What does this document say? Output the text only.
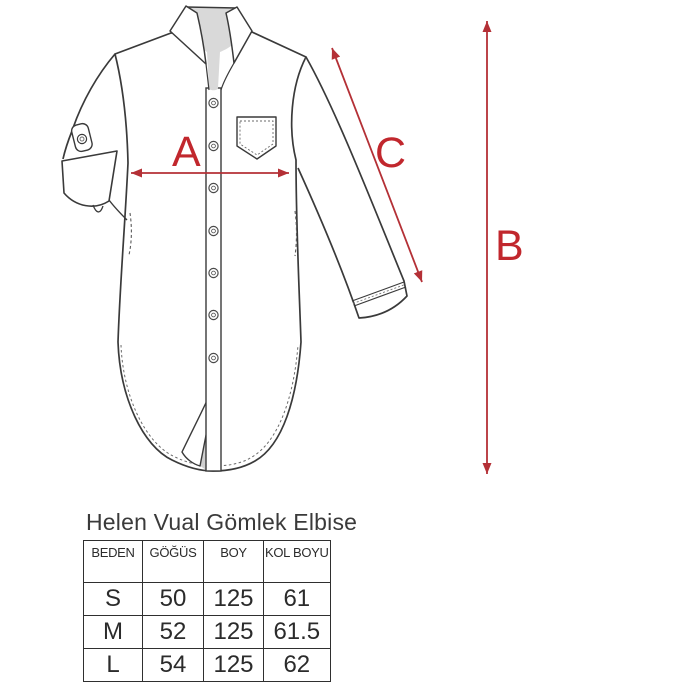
A
B
C
Helen Vual Gömlek Elbise
BEDEN	GÖĞÜS	BOY	KOL BOYU
S	50	125	61
M	52	125	61.5
L	54	125	62
